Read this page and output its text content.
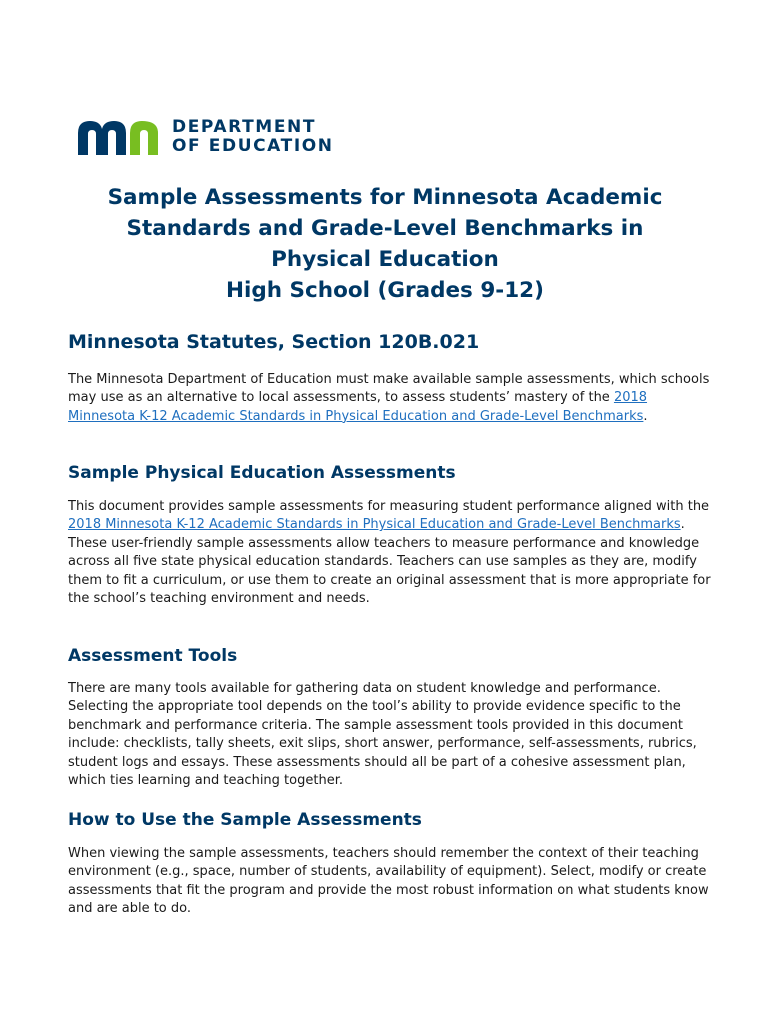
DEPARTMENT
OF EDUCATION
Sample Assessments for Minnesota Academic
Standards and Grade-Level Benchmarks in
Physical Education
High School (Grades 9-12)
Minnesota Statutes, Section 120B.021

The Minnesota Department of Education must make available sample assessments, which schools may use as an alternative to local assessments, to assess students’ mastery of the 2018 Minnesota K-12 Academic Standards in Physical Education and Grade-Level Benchmarks.

Sample Physical Education Assessments

This document provides sample assessments for measuring student performance aligned with the 2018 Minnesota K-12 Academic Standards in Physical Education and Grade-Level Benchmarks. These user-friendly sample assessments allow teachers to measure performance and knowledge across all five state physical education standards. Teachers can use samples as they are, modify them to fit a curriculum, or use them to create an original assessment that is more appropriate for the school’s teaching environment and needs.

Assessment Tools

There are many tools available for gathering data on student knowledge and performance. Selecting the appropriate tool depends on the tool’s ability to provide evidence specific to the benchmark and performance criteria. The sample assessment tools provided in this document include: checklists, tally sheets, exit slips, short answer, performance, self-assessments, rubrics, student logs and essays. These assessments should all be part of a cohesive assessment plan, which ties learning and teaching together.

How to Use the Sample Assessments

When viewing the sample assessments, teachers should remember the context of their teaching environment (e.g., space, number of students, availability of equipment). Select, modify or create assessments that fit the program and provide the most robust information on what students know and are able to do.
